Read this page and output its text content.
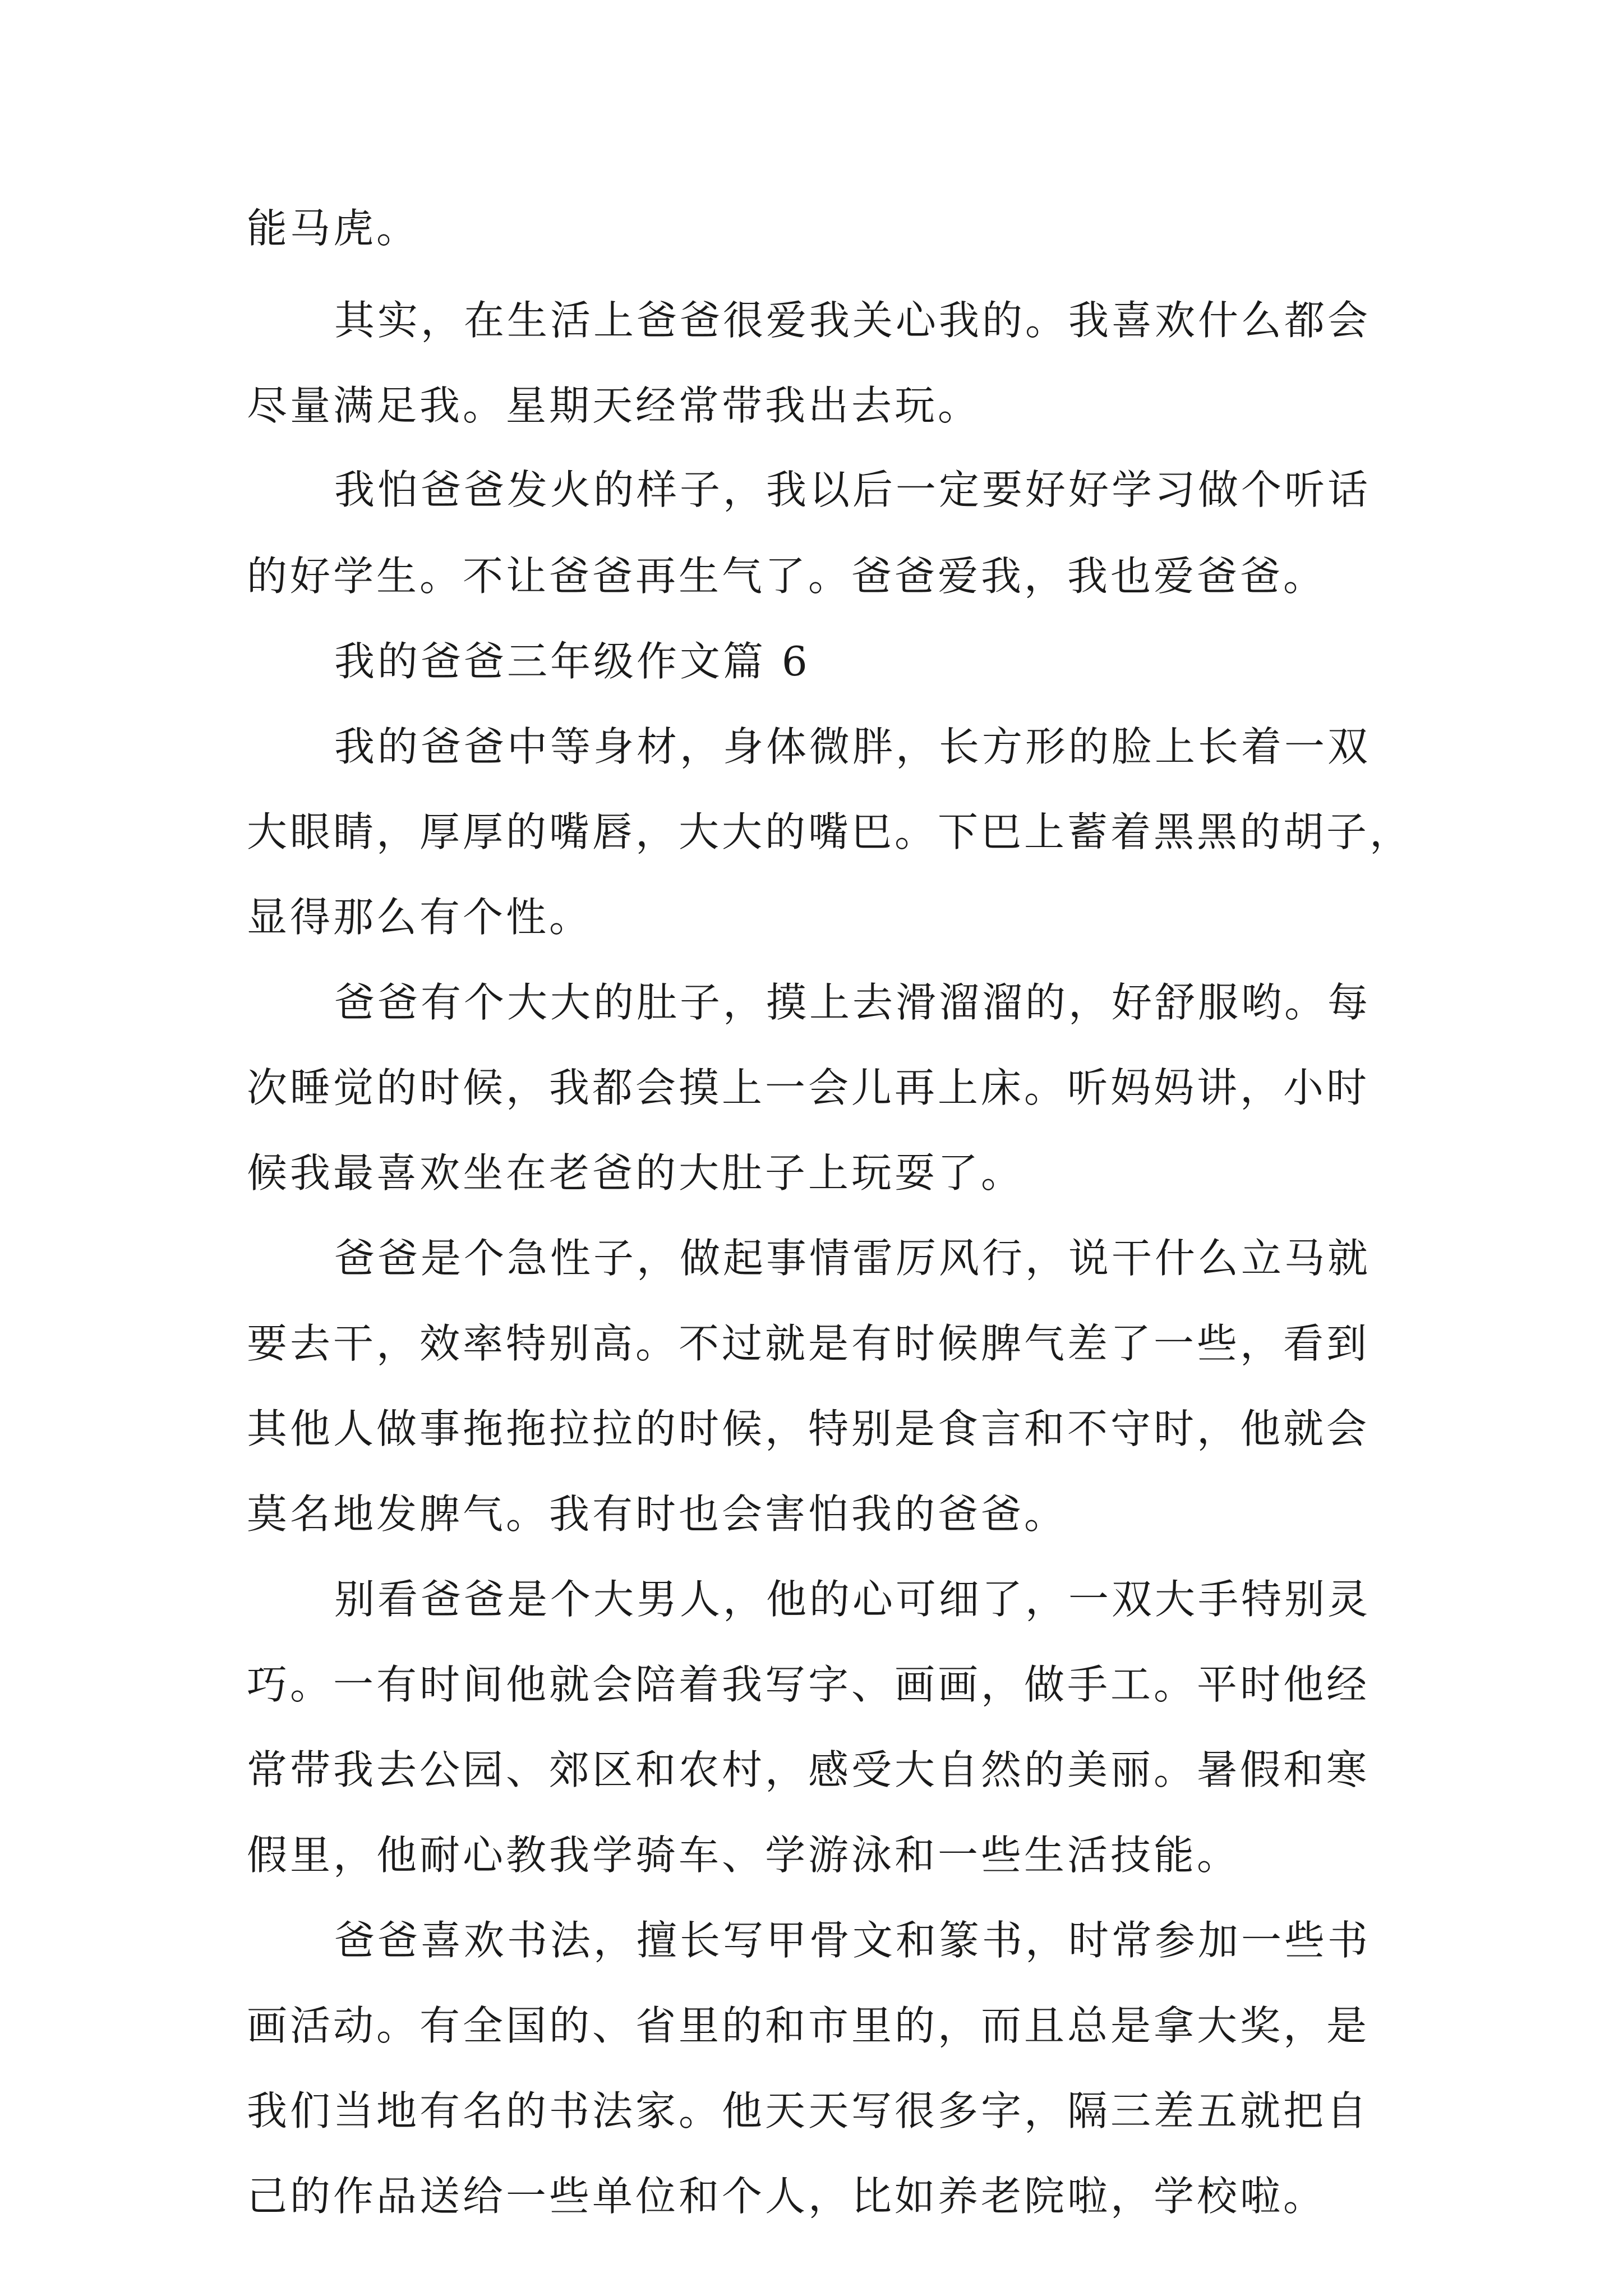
能马虎。
其实，在生活上爸爸很爱我关心我的。我喜欢什么都会
尽量满足我。星期天经常带我出去玩。
我怕爸爸发火的样子，我以后一定要好好学习做个听话
的好学生。不让爸爸再生气了。爸爸爱我，我也爱爸爸。
我的爸爸三年级作文篇 6
我的爸爸中等身材，身体微胖，长方形的脸上长着一双
大眼睛，厚厚的嘴唇，大大的嘴巴。下巴上蓄着黑黑的胡子，
显得那么有个性。
爸爸有个大大的肚子，摸上去滑溜溜的，好舒服哟。每
次睡觉的时候，我都会摸上一会儿再上床。听妈妈讲，小时
候我最喜欢坐在老爸的大肚子上玩耍了。
爸爸是个急性子，做起事情雷厉风行，说干什么立马就
要去干，效率特别高。不过就是有时候脾气差了一些，看到
其他人做事拖拖拉拉的时候，特别是食言和不守时，他就会
莫名地发脾气。我有时也会害怕我的爸爸。
别看爸爸是个大男人，他的心可细了，一双大手特别灵
巧。一有时间他就会陪着我写字、画画，做手工。平时他经
常带我去公园、郊区和农村，感受大自然的美丽。暑假和寒
假里，他耐心教我学骑车、学游泳和一些生活技能。
爸爸喜欢书法，擅长写甲骨文和篆书，时常参加一些书
画活动。有全国的、省里的和市里的，而且总是拿大奖，是
我们当地有名的书法家。他天天写很多字，隔三差五就把自
己的作品送给一些单位和个人，比如养老院啦，学校啦。
